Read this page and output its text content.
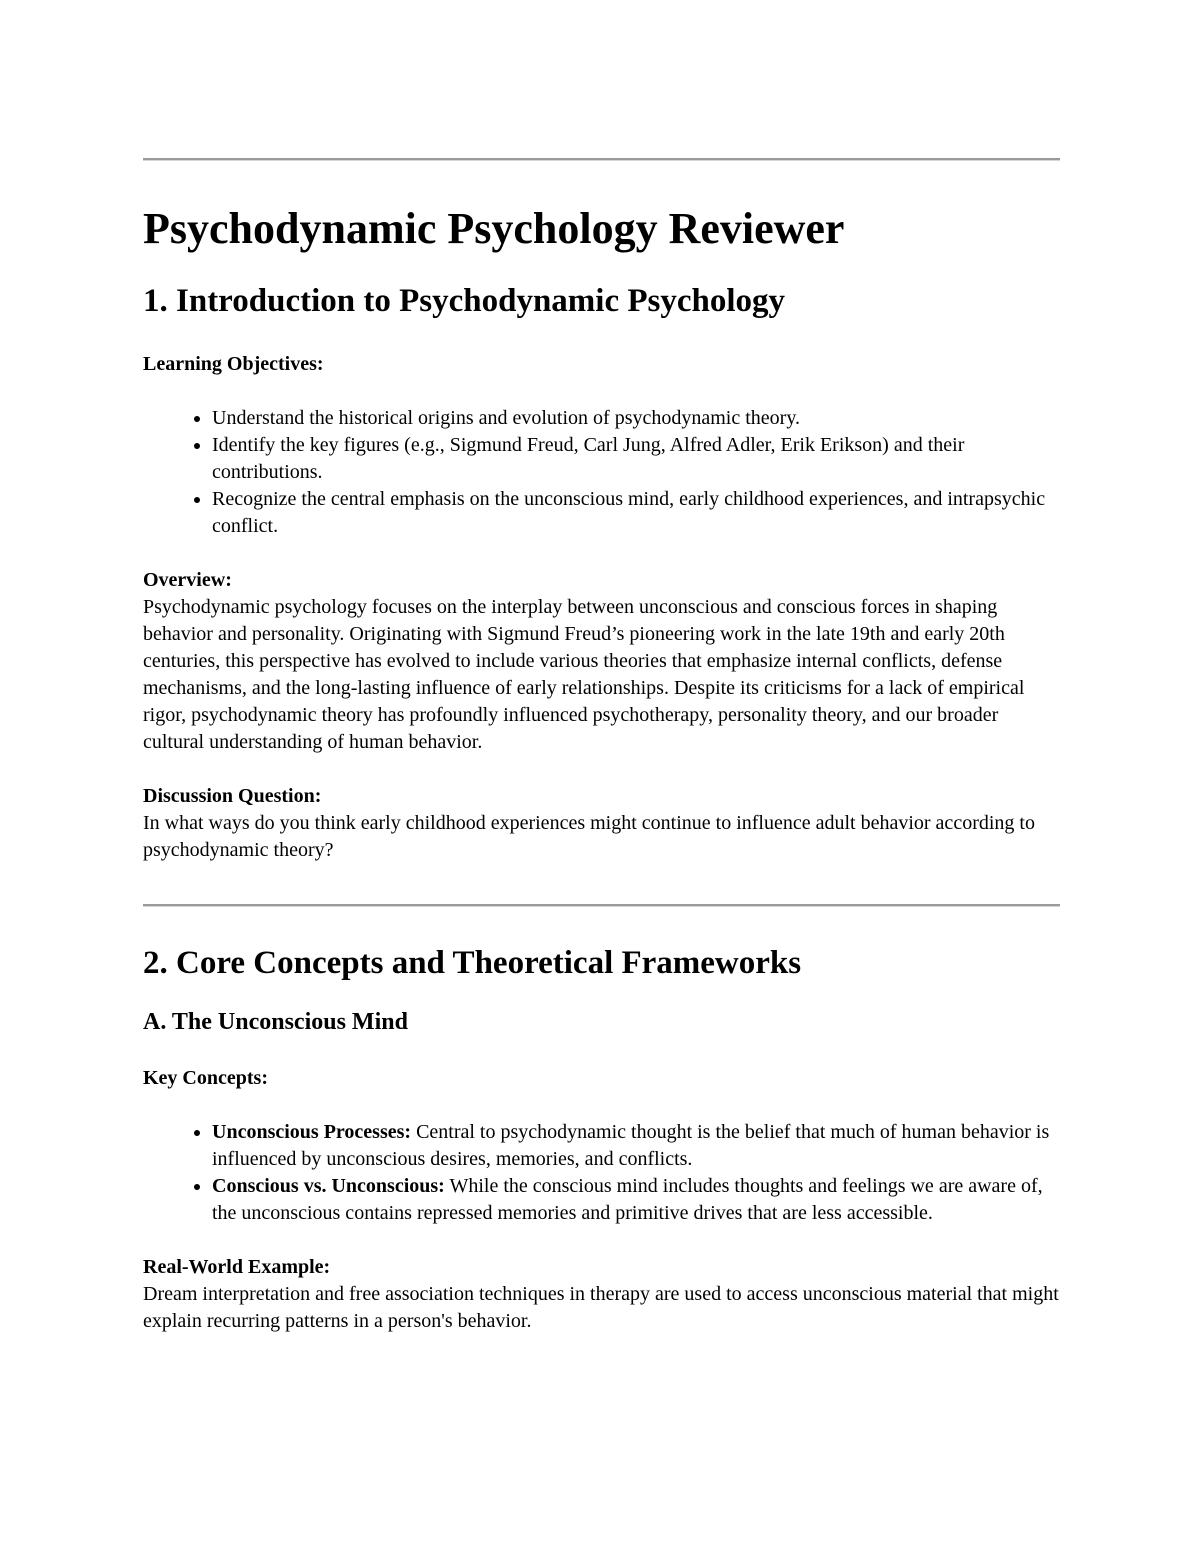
Psychodynamic Psychology Reviewer
1. Introduction to Psychodynamic Psychology
Learning Objectives:
• Understand the historical origins and evolution of psychodynamic theory.
• Identify the key figures (e.g., Sigmund Freud, Carl Jung, Alfred Adler, Erik Erikson) and their contributions.
• Recognize the central emphasis on the unconscious mind, early childhood experiences, and intrapsychic conflict.
Overview:

Psychodynamic psychology focuses on the interplay between unconscious and conscious forces in shaping behavior and personality. Originating with Sigmund Freud’s pioneering work in the late 19th and early 20th centuries, this perspective has evolved to include various theories that emphasize internal conflicts, defense mechanisms, and the long-lasting influence of early relationships. Despite its criticisms for a lack of empirical rigor, psychodynamic theory has profoundly influenced psychotherapy, personality theory, and our broader cultural understanding of human behavior.

Discussion Question:

In what ways do you think early childhood experiences might continue to influence adult behavior according to psychodynamic theory?

2. Core Concepts and Theoretical Frameworks
A. The Unconscious Mind
Key Concepts:
• Unconscious Processes: Central to psychodynamic thought is the belief that much of human behavior is influenced by unconscious desires, memories, and conflicts.
• Conscious vs. Unconscious: While the conscious mind includes thoughts and feelings we are aware of, the unconscious contains repressed memories and primitive drives that are less accessible.
Real-World Example:

Dream interpretation and free association techniques in therapy are used to access unconscious material that might explain recurring patterns in a person's behavior.
